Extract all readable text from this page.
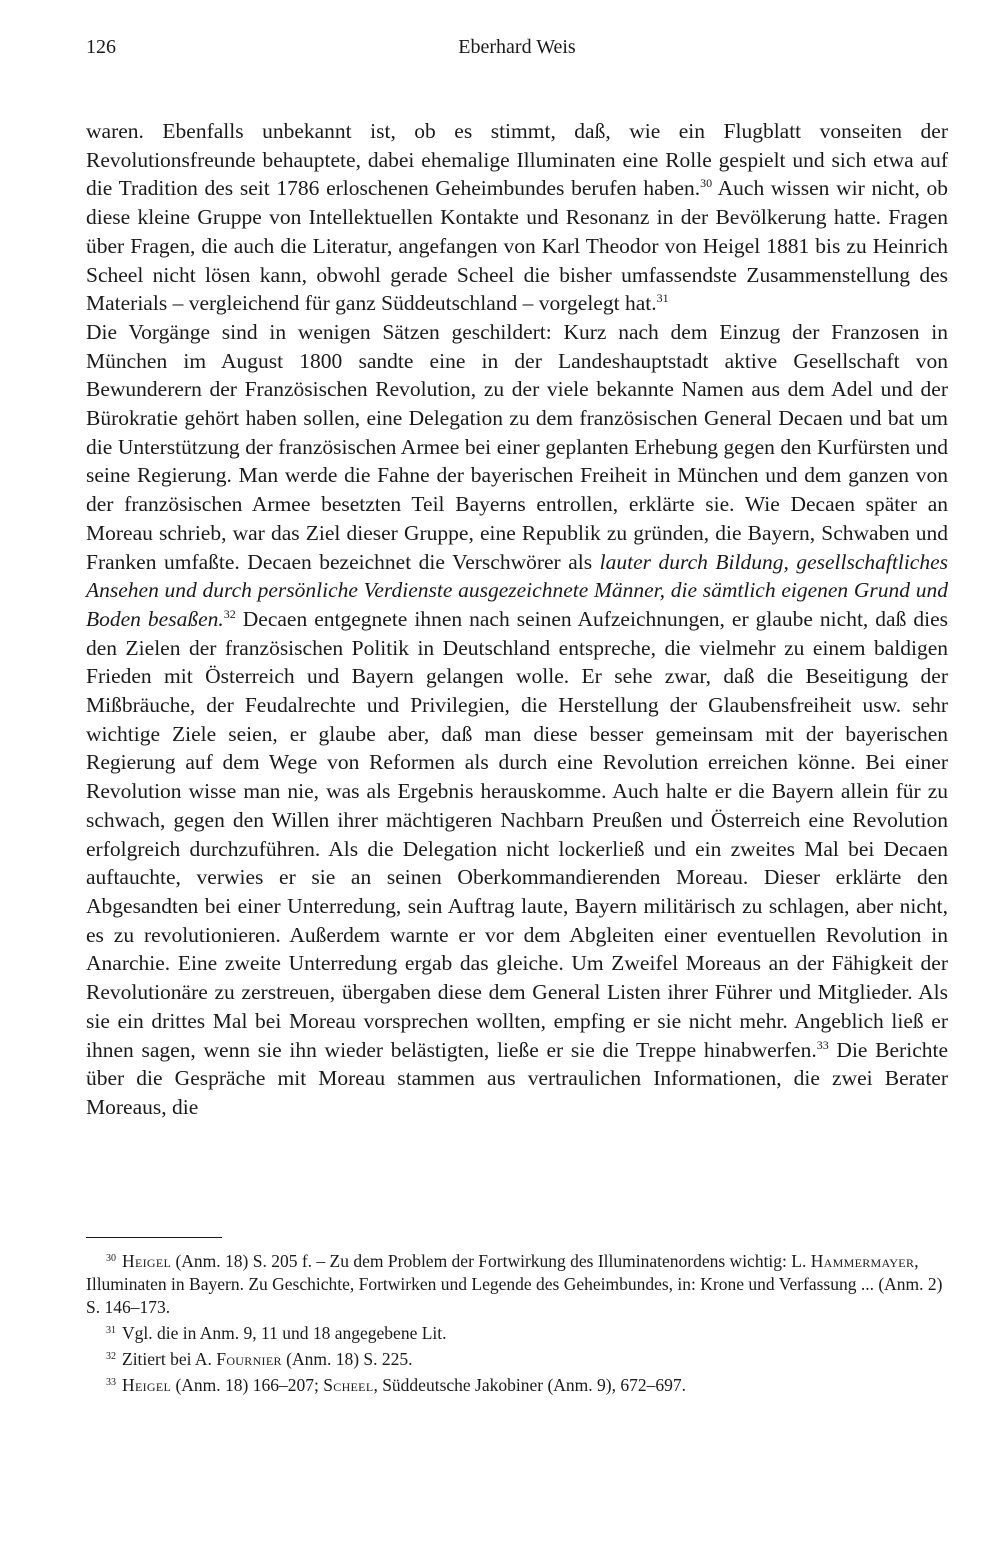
126	Eberhard Weis

waren. Ebenfalls unbekannt ist, ob es stimmt, daß, wie ein Flugblatt vonseiten der Revolutionsfreunde behauptete, dabei ehemalige Illuminaten eine Rolle gespielt und sich etwa auf die Tradition des seit 1786 erloschenen Geheimbundes berufen haben.$^{30}$ Auch wissen wir nicht, ob diese kleine Gruppe von Intellektuellen Kontakte und Resonanz in der Bevölkerung hatte. Fragen über Fragen, die auch die Literatur, angefangen von Karl Theodor von Heigel 1881 bis zu Heinrich Scheel nicht lösen kann, obwohl gerade Scheel die bisher umfassendste Zusammenstellung des Materials – vergleichend für ganz Süddeutschland – vorgelegt hat.$^{31}$

Die Vorgänge sind in wenigen Sätzen geschildert: Kurz nach dem Einzug der Franzosen in München im August 1800 sandte eine in der Landeshauptstadt aktive Gesellschaft von Bewunderern der Französischen Revolution, zu der viele bekannte Namen aus dem Adel und der Bürokratie gehört haben sollen, eine Delegation zu dem französischen General Decaen und bat um die Unterstützung der französischen Armee bei einer geplanten Erhebung gegen den Kurfürsten und seine Regierung. Man werde die Fahne der bayerischen Freiheit in München und dem ganzen von der französischen Armee besetzten Teil Bayerns entrollen, erklärte sie. Wie Decaen später an Moreau schrieb, war das Ziel dieser Gruppe, eine Republik zu gründen, die Bayern, Schwaben und Franken umfaßte. Decaen bezeichnet die Verschwörer als lauter durch Bildung, gesellschaftliches Ansehen und durch persönliche Verdienste ausgezeichnete Männer, die sämtlich eigenen Grund und Boden besaßen.$^{32}$ Decaen entgegnete ihnen nach seinen Aufzeichnungen, er glaube nicht, daß dies den Zielen der französischen Politik in Deutschland entspreche, die vielmehr zu einem baldigen Frieden mit Österreich und Bayern gelangen wolle. Er sehe zwar, daß die Beseitigung der Mißbräuche, der Feudalrechte und Privilegien, die Herstellung der Glaubensfreiheit usw. sehr wichtige Ziele seien, er glaube aber, daß man diese besser gemeinsam mit der bayerischen Regierung auf dem Wege von Reformen als durch eine Revolution erreichen könne. Bei einer Revolution wisse man nie, was als Ergebnis herauskomme. Auch halte er die Bayern allein für zu schwach, gegen den Willen ihrer mächtigeren Nachbarn Preußen und Österreich eine Revolution erfolgreich durchzuführen. Als die Delegation nicht lockerließ und ein zweites Mal bei Decaen auftauchte, verwies er sie an seinen Oberkommandierenden Moreau. Dieser erklärte den Abgesandten bei einer Unterredung, sein Auftrag laute, Bayern militärisch zu schlagen, aber nicht, es zu revolutionieren. Außerdem warnte er vor dem Abgleiten einer eventuellen Revolution in Anarchie. Eine zweite Unterredung ergab das gleiche. Um Zweifel Moreaus an der Fähigkeit der Revolutionäre zu zerstreuen, übergaben diese dem General Listen ihrer Führer und Mitglieder. Als sie ein drittes Mal bei Moreau vorsprechen wollten, empfing er sie nicht mehr. Angeblich ließ er ihnen sagen, wenn sie ihn wieder belästigten, ließe er sie die Treppe hinabwerfen.$^{33}$ Die Berichte über die Gespräche mit Moreau stammen aus vertraulichen Informationen, die zwei Berater Moreaus, die

$^{30}$ Heigel (Anm. 18) S. 205 f. – Zu dem Problem der Fortwirkung des Illuminatenordens wichtig: L. Hammermayer, Illuminaten in Bayern. Zu Geschichte, Fortwirken und Legende des Geheimbundes, in: Krone und Verfassung ... (Anm. 2) S. 146–173.
$^{31}$ Vgl. die in Anm. 9, 11 und 18 angegebene Lit.
$^{32}$ Zitiert bei A. Fournier (Anm. 18) S. 225.
$^{33}$ Heigel (Anm. 18) 166–207; Scheel, Süddeutsche Jakobiner (Anm. 9), 672–697.
